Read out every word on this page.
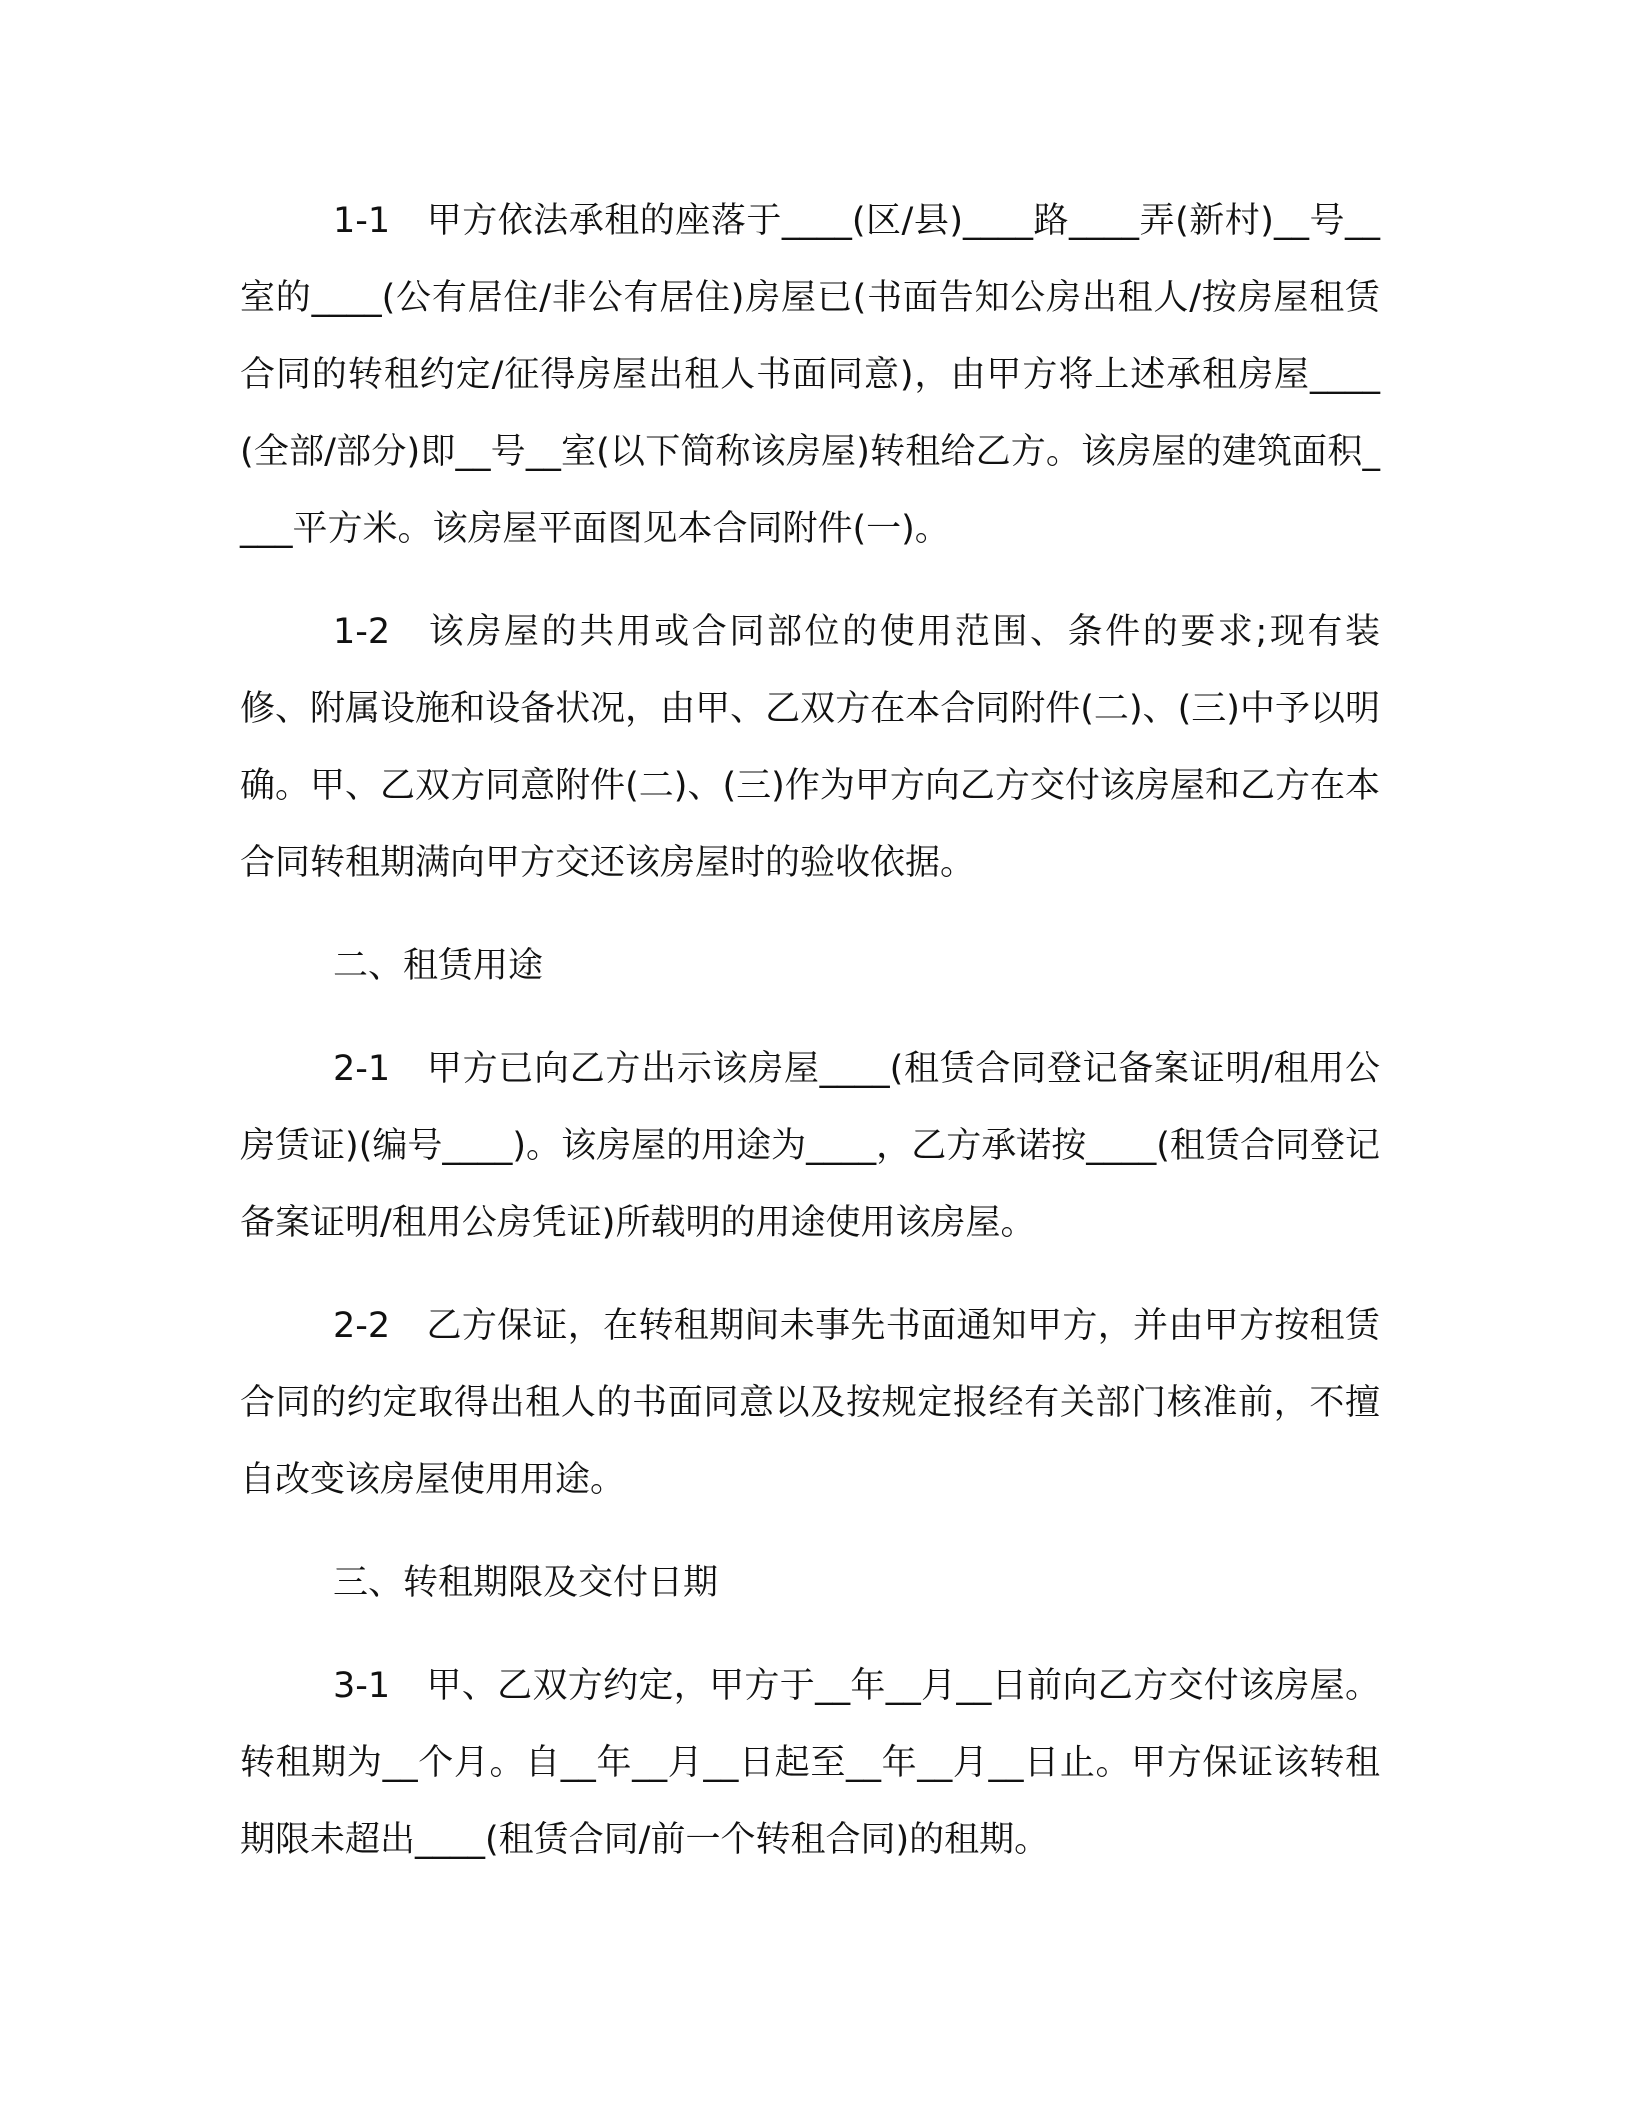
1-1 甲方依法承租的座落于____(区/县)____路____弄(新村)__号__室的____(公有居住/非公有居住)房屋已(书面告知公房出租人/按房屋租赁合同的转租约定/征得房屋出租人书面同意)，由甲方将上述承租房屋____(全部/部分)即__号__室(以下简称该房屋)转租给乙方。该房屋的建筑面积____平方米。该房屋平面图见本合同附件(一)。

1-2 该房屋的共用或合同部位的使用范围、条件的要求;现有装修、附属设施和设备状况，由甲、乙双方在本合同附件(二)、(三)中予以明确。甲、乙双方同意附件(二)、(三)作为甲方向乙方交付该房屋和乙方在本合同转租期满向甲方交还该房屋时的验收依据。

二、租赁用途

2-1 甲方已向乙方出示该房屋____(租赁合同登记备案证明/租用公房赁证)(编号____)。该房屋的用途为____，乙方承诺按____(租赁合同登记备案证明/租用公房凭证)所载明的用途使用该房屋。

2-2 乙方保证，在转租期间未事先书面通知甲方，并由甲方按租赁合同的约定取得出租人的书面同意以及按规定报经有关部门核准前，不擅自改变该房屋使用用途。

三、转租期限及交付日期

3-1 甲、乙双方约定，甲方于__年__月__日前向乙方交付该房屋。转租期为__个月。自__年__月__日起至__年__月__日止。甲方保证该转租期限未超出____(租赁合同/前一个转租合同)的租期。
